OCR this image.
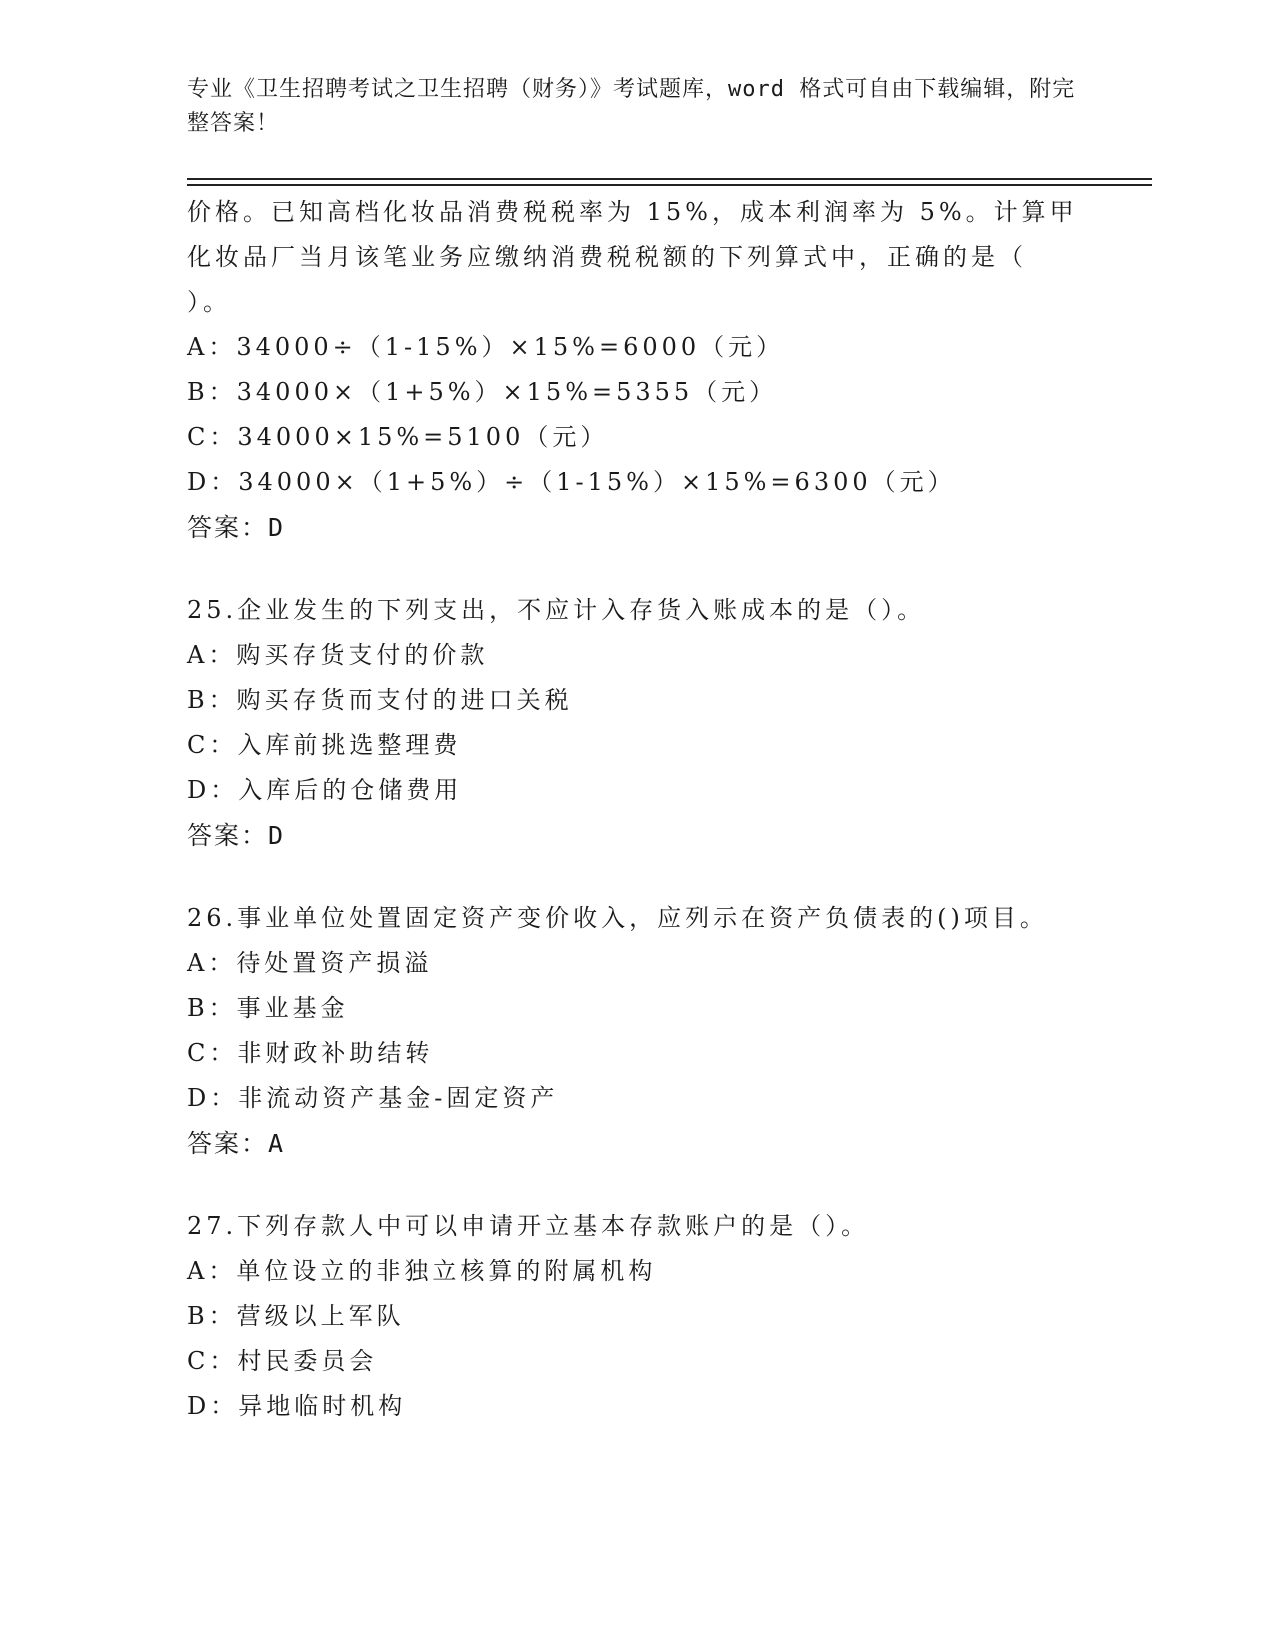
专业《卫生招聘考试之卫生招聘（财务）》考试题库，word 格式可自由下载编辑，附完整答案！
价格。已知高档化妆品消费税税率为 15%，成本利润率为 5%。计算甲
化妆品厂当月该笔业务应缴纳消费税税额的下列算式中，正确的是（
）。
A：34000÷（1-15%）×15%=6000（元）
B：34000×（1+5%）×15%=5355（元）
C：34000×15%=5100（元）
D：34000×（1+5%）÷（1-15%）×15%=6300（元）
答案：D
25.企业发生的下列支出，不应计入存货入账成本的是（）。
A：购买存货支付的价款
B：购买存货而支付的进口关税
C：入库前挑选整理费
D：入库后的仓储费用
答案：D
26.事业单位处置固定资产变价收入，应列示在资产负债表的()项目。
A：待处置资产损溢
B：事业基金
C：非财政补助结转
D：非流动资产基金-固定资产
答案：A
27.下列存款人中可以申请开立基本存款账户的是（）。
A：单位设立的非独立核算的附属机构
B：营级以上军队
C：村民委员会
D：异地临时机构
